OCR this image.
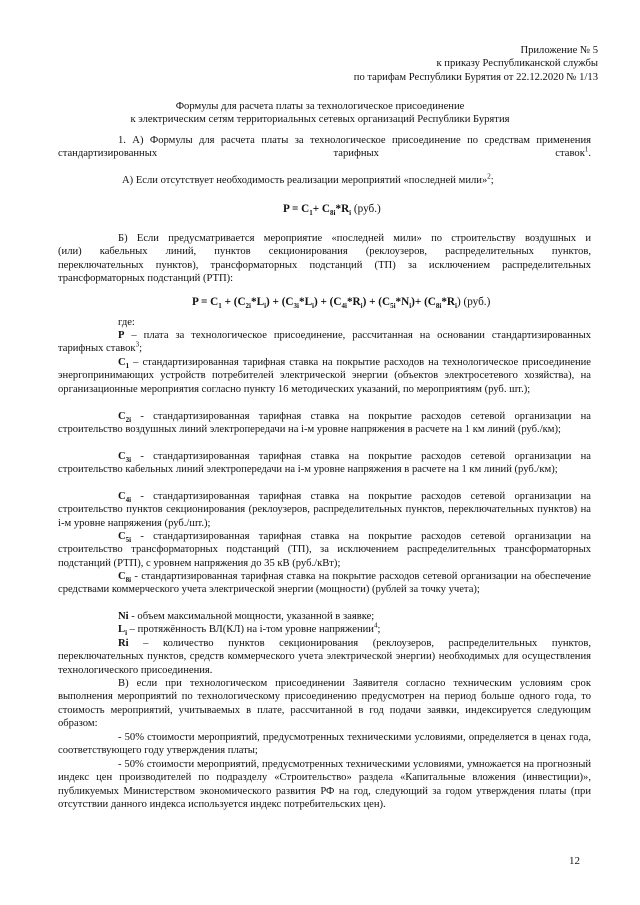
Приложение № 5
к приказу Республиканской службы
по тарифам Республики Бурятия от 22.12.2020 № 1/13
Формулы для расчета платы за технологическое присоединение
к электрическим сетям территориальных сетевых организаций Республики Бурятия

1. А) Формулы для расчета платы за технологическое присоединение по средствам применения стандартизированных тарифных ставок$^1$.

А) Если отсутствует необходимость реализации мероприятий «последней мили»$^2$;

$P = C_1+ C_{8i}*R_i$ (руб.)
Б) Если предусматривается мероприятие «последней мили» по строительству воздушных и
(или) кабельных линий, пунктов секционирования (реклоузеров, распределительных пунктов,
переключательных пунктов), трансформаторных подстанций (ТП) за исключением распределительных
трансформаторных подстанций (РТП):
$P = C_1 + (C_{2i}*L_i) + (C_{3i}*L_i) + (C_{4i}*R_i) + (C_{5i}*N_i)+ (C_{8i}*R_i)$ (руб.)
где:

P – плата за технологическое присоединение, рассчитанная на основании стандартизированных тарифных ставок$^3$;

$C_1$ – стандартизированная тарифная ставка на покрытие расходов на технологическое присоединение энергопринимающих устройств потребителей электрической энергии (объектов электросетевого хозяйства), на организационные мероприятия согласно пункту 16 методических указаний, по мероприятиям (руб. шт.);

$C_{2i}$ - стандартизированная тарифная ставка на покрытие расходов сетевой организации на строительство воздушных линий электропередачи на i-м уровне напряжения в расчете на 1 км линий (руб./км);

$C_{3i}$ - стандартизированная тарифная ставка на покрытие расходов сетевой организации на строительство кабельных линий электропередачи на i-м уровне напряжения в расчете на 1 км линий (руб./км);

$C_{4i}$ - стандартизированная тарифная ставка на покрытие расходов сетевой организации на строительство пунктов секционирования (реклоузеров, распределительных пунктов, переключательных пунктов) на i-м уровне напряжения (руб./шт.);

$C_{5i}$ - стандартизированная тарифная ставка на покрытие расходов сетевой организации на строительство трансформаторных подстанций (ТП), за исключением распределительных трансформаторных подстанций (РТП), с уровнем напряжения до 35 кВ (руб./кВт);

$C_{8i}$ - стандартизированная тарифная ставка на покрытие расходов сетевой организации на обеспечение средствами коммерческого учета электрической энергии (мощности) (рублей за точку учета);

Ni - объем максимальной мощности, указанной в заявке;

$L_i$ – протяжённость ВЛ(КЛ) на i-том уровне напряжении$^4$;

Ri – количество пунктов секционирования (реклоузеров, распределительных пунктов, переключательных пунктов, средств коммерческого учета электрической энергии) необходимых для осуществления технологического присоединения.

В) если при технологическом присоединении Заявителя согласно техническим условиям срок выполнения мероприятий по технологическому присоединению предусмотрен на период больше одного года, то стоимость мероприятий, учитываемых в плате, рассчитанной в год подачи заявки, индексируется следующим образом:

- 50% стоимости мероприятий, предусмотренных техническими условиями, определяется в ценах года, соответствующего году утверждения платы;

- 50% стоимости мероприятий, предусмотренных техническими условиями, умножается на прогнозный индекс цен производителей по подразделу «Строительство» раздела «Капитальные вложения (инвестиции)», публикуемых Министерством экономического развития РФ на год, следующий за годом утверждения платы (при отсутствии данного индекса используется индекс потребительских цен).

12
